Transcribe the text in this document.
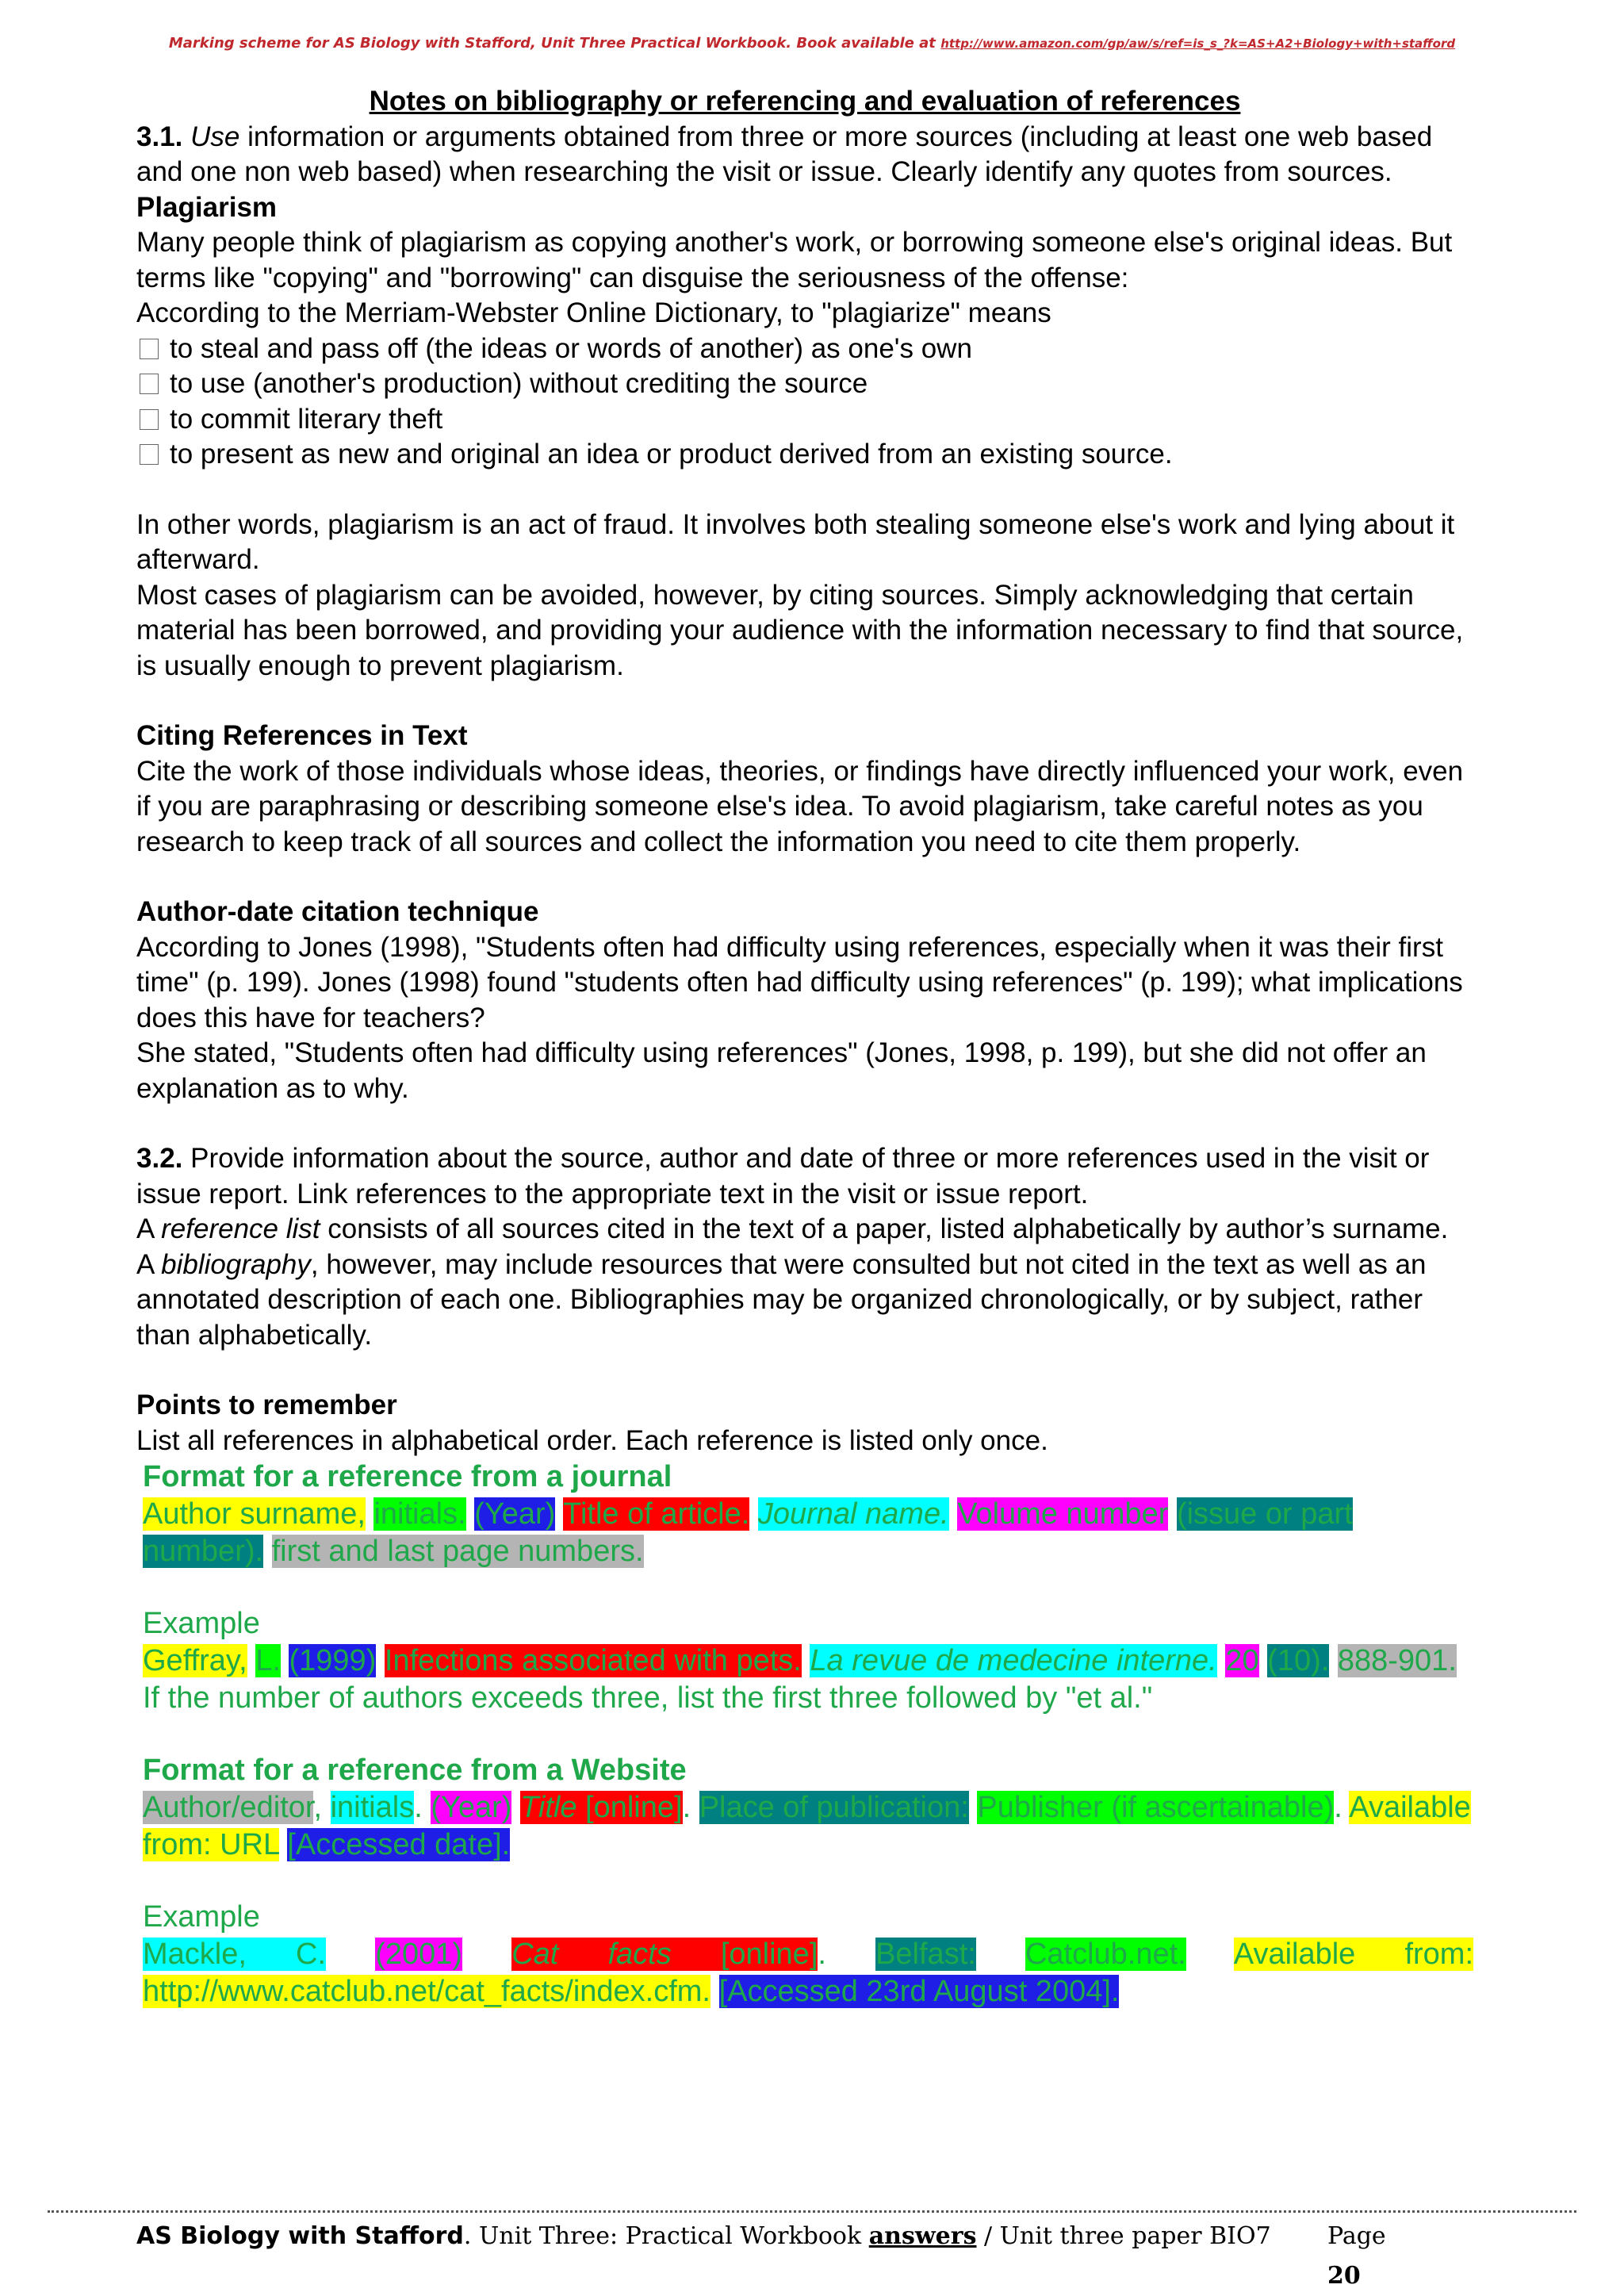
Marking scheme for AS Biology with Stafford, Unit Three Practical Workbook. Book available at http://www.amazon.com/gp/aw/s/ref=is_s_?k=AS+A2+Biology+with+stafford

Notes on bibliography or referencing and evaluation of references

3.1. Use information or arguments obtained from three or more sources (including at least one web based and one non web based) when researching the visit or issue. Clearly identify any quotes from sources.

Plagiarism

Many people think of plagiarism as copying another's work, or borrowing someone else's original ideas. But terms like "copying" and "borrowing" can disguise the seriousness of the offense:

According to the Merriam-Webster Online Dictionary, to "plagiarize" means

to steal and pass off (the ideas or words of another) as one's own

to use (another's production) without crediting the source

to commit literary theft

to present as new and original an idea or product derived from an existing source.

In other words, plagiarism is an act of fraud. It involves both stealing someone else's work and lying about it afterward.

Most cases of plagiarism can be avoided, however, by citing sources. Simply acknowledging that certain material has been borrowed, and providing your audience with the information necessary to find that source, is usually enough to prevent plagiarism.

Citing References in Text

Cite the work of those individuals whose ideas, theories, or findings have directly influenced your work, even if you are paraphrasing or describing someone else's idea. To avoid plagiarism, take careful notes as you research to keep track of all sources and collect the information you need to cite them properly.

Author-date citation technique

According to Jones (1998), "Students often had difficulty using references, especially when it was their first time" (p. 199). Jones (1998) found "students often had difficulty using references" (p. 199); what implications does this have for teachers?

She stated, "Students often had difficulty using references" (Jones, 1998, p. 199), but she did not offer an explanation as to why.

3.2. Provide information about the source, author and date of three or more references used in the visit or issue report. Link references to the appropriate text in the visit or issue report.

A reference list consists of all sources cited in the text of a paper, listed alphabetically by author’s surname.

A bibliography, however, may include resources that were consulted but not cited in the text as well as an annotated description of each one. Bibliographies may be organized chronologically, or by subject, rather than alphabetically.

Points to remember

List all references in alphabetical order. Each reference is listed only once.

Format for a reference from a journal

Author surname, initials. (Year) Title of article. Journal name. Volume number (issue or part number). first and last page numbers.

Example

Geffray, L. (1999) Infections associated with pets. La revue de medecine interne. 20 (10). 888-901.

If the number of authors exceeds three, list the first three followed by "et al."

Format for a reference from a Website

Author/editor, initials. (Year) Title [online]. Place of publication: Publisher (if ascertainable). Available from: URL [Accessed date].

Example

Mackle, C. (2001) Cat facts [online]. Belfast: Catclub.net. Available from:

http://www.catclub.net/cat_facts/index.cfm. [Accessed 23rd August 2004].

AS Biology with Stafford. Unit Three: Practical Workbook answers / Unit three paper BIO7 Page 20
